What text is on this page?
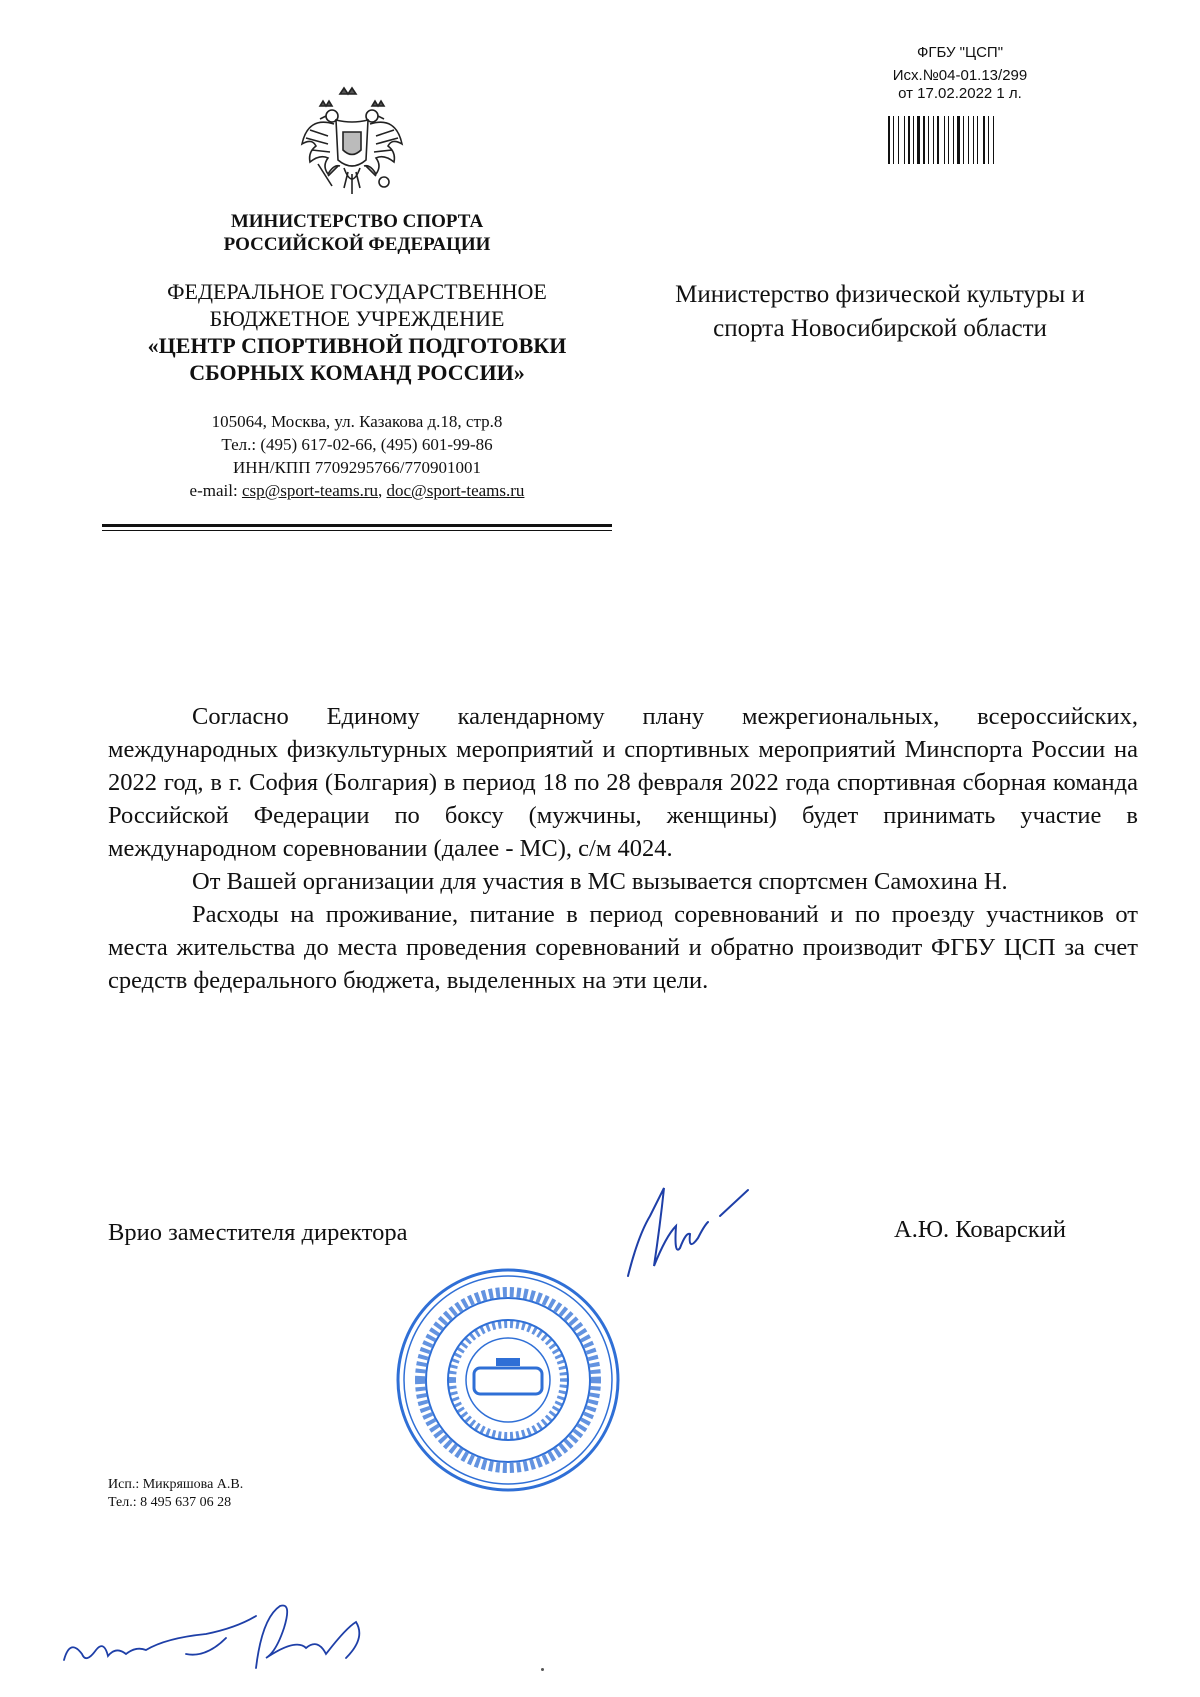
ФГБУ "ЦСП"
Исх.№04-01.13/299
от 17.02.2022 1 л.
МИНИСТЕРСТВО СПОРТА
РОССИЙСКОЙ ФЕДЕРАЦИИ
ФЕДЕРАЛЬНОЕ ГОСУДАРСТВЕННОЕ
БЮДЖЕТНОЕ УЧРЕЖДЕНИЕ
«ЦЕНТР СПОРТИВНОЙ ПОДГОТОВКИ
СБОРНЫХ КОМАНД РОССИИ»
105064, Москва, ул. Казакова д.18, стр.8
Тел.: (495) 617-02-66, (495) 601-99-86
ИНН/КПП 7709295766/770901001
e-mail: csp@sport-teams.ru, doc@sport-teams.ru
Министерство физической культуры и
спорта Новосибирской области

Согласно Единому календарному плану межрегиональных, всероссийских, международных физкультурных мероприятий и спортивных мероприятий Минспорта России на 2022 год, в г. София (Болгария) в период 18 по 28 февраля 2022 года спортивная сборная команда Российской Федерации по боксу (мужчины, женщины) будет принимать участие в международном соревновании (далее - МС), с/м 4024.

От Вашей организации для участия в МС вызывается спортсмен Самохина Н.

Расходы на проживание, питание в период соревнований и по проезду участников от места жительства до места проведения соревнований и обратно производит ФГБУ ЦСП за счет средств федерального бюджета, выделенных на эти цели.

Врио заместителя директора	А.Ю. Коварский
Исп.: Микряшова А.В.
Тел.: 8 495 637 06 28
